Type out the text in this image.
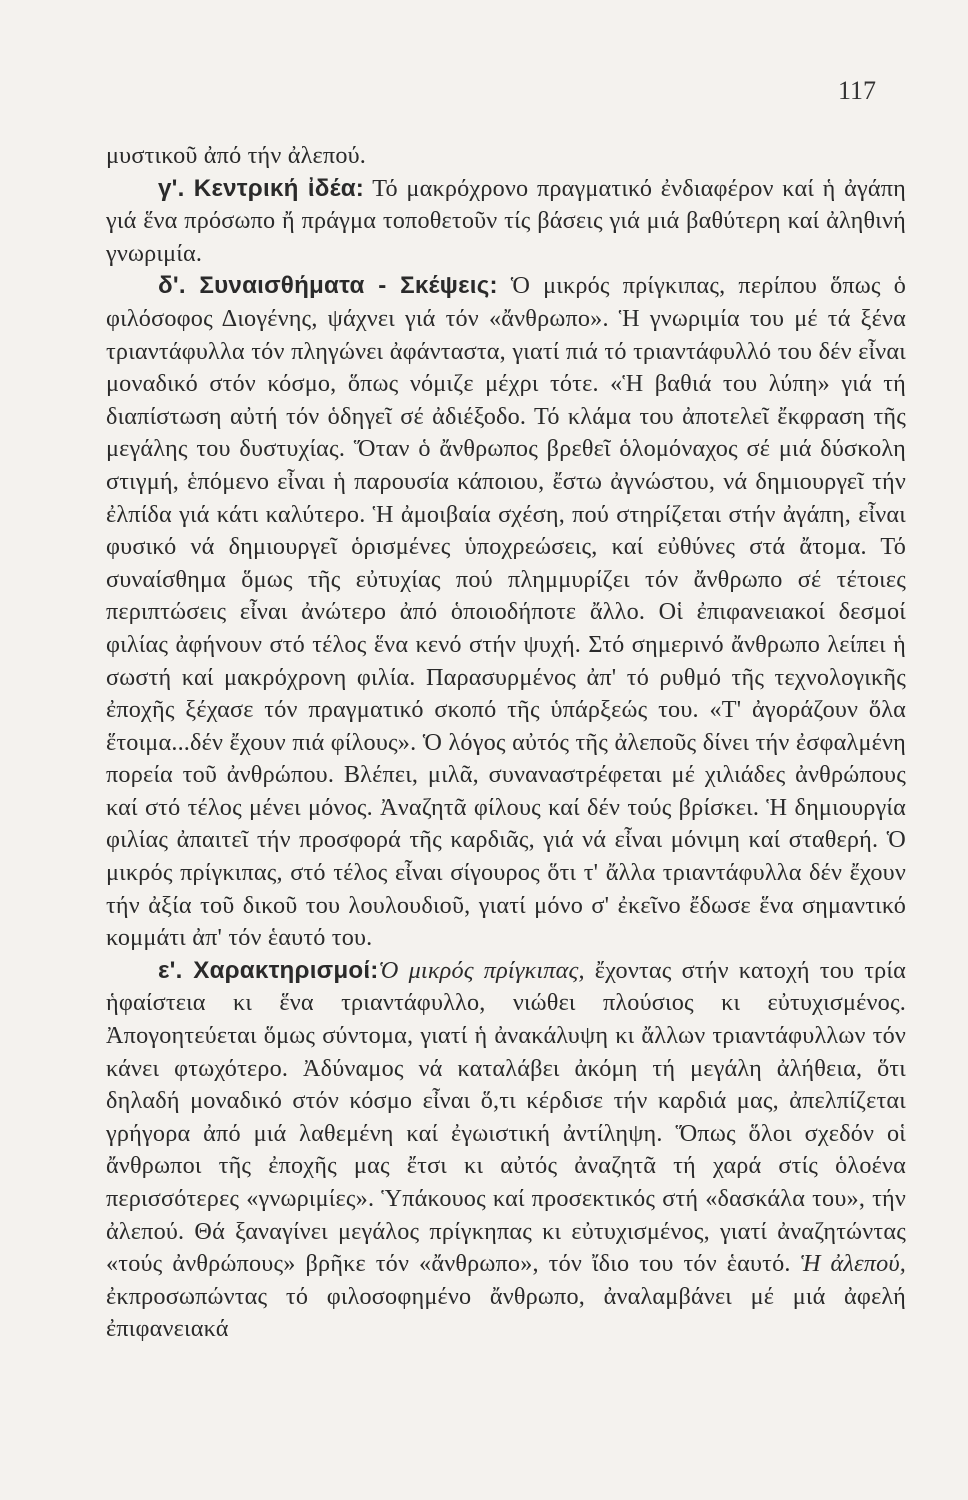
117

μυστικοῦ ἀπό τήν ἀλεπού.

γ'. Κεντρική ἰδέα: Τό μακρόχρονο πραγματικό ἐνδιαφέρον καί ἡ ἀγάπη γιά ἕνα πρόσωπο ἤ πράγμα τοποθετοῦν τίς βάσεις γιά μιά βαθύτερη καί ἀληθινή γνωριμία.

δ'. Συναισθήματα - Σκέψεις: Ὁ μικρός πρίγκιπας, περίπου ὅπως ὁ φιλόσοφος Διογένης, ψάχνει γιά τόν «ἄνθρωπο». Ἡ γνωριμία του μέ τά ξένα τριαντάφυλλα τόν πληγώνει ἀφάνταστα, γιατί πιά τό τριαντάφυλλό του δέν εἶναι μοναδικό στόν κόσμο, ὅπως νόμιζε μέχρι τότε. «Ἡ βαθιά του λύπη» γιά τή διαπίστωση αὐτή τόν ὁδηγεῖ σέ ἀδιέξοδο. Τό κλάμα του ἀποτελεῖ ἔκφραση τῆς μεγάλης του δυστυχίας. Ὅταν ὁ ἄνθρωπος βρεθεῖ ὁλομόναχος σέ μιά δύσκολη στιγμή, ἑπόμενο εἶναι ἡ παρουσία κάποιου, ἔστω ἀγνώστου, νά δημιουργεῖ τήν ἐλπίδα γιά κάτι καλύτερο. Ἡ ἀμοιβαία σχέση, πού στηρίζεται στήν ἀγάπη, εἶναι φυσικό νά δημιουργεῖ ὁρισμένες ὑποχρεώσεις, καί εὐθύνες στά ἄτομα. Τό συναίσθημα ὅμως τῆς εὐτυχίας πού πλημμυρίζει τόν ἄνθρωπο σέ τέτοιες περιπτώσεις εἶναι ἀνώτερο ἀπό ὁποιοδήποτε ἄλλο. Οἱ ἐπιφανειακοί δεσμοί φιλίας ἀφήνουν στό τέλος ἕνα κενό στήν ψυχή. Στό σημερινό ἄνθρωπο λείπει ἡ σωστή καί μακρόχρονη φιλία. Παρασυρμένος ἀπ' τό ρυθμό τῆς τεχνολογικῆς ἐποχῆς ξέχασε τόν πραγματικό σκοπό τῆς ὑπάρξεώς του. «Τ' ἀγοράζουν ὅλα ἕτοιμα...δέν ἔχουν πιά φίλους». Ὁ λόγος αὐτός τῆς ἀλεποῦς δίνει τήν ἐσφαλμένη πορεία τοῦ ἀνθρώπου. Βλέπει, μιλᾶ, συναναστρέφεται μέ χιλιάδες ἀνθρώπους καί στό τέλος μένει μόνος. Ἀναζητᾶ φίλους καί δέν τούς βρίσκει. Ἡ δημιουργία φιλίας ἀπαιτεῖ τήν προσφορά τῆς καρδιᾶς, γιά νά εἶναι μόνιμη καί σταθερή. Ὁ μικρός πρίγκιπας, στό τέλος εἶναι σίγουρος ὅτι τ' ἄλλα τριαντάφυλλα δέν ἔχουν τήν ἀξία τοῦ δικοῦ του λουλουδιοῦ, γιατί μόνο σ' ἐκεῖνο ἔδωσε ἕνα σημαντικό κομμάτι ἀπ' τόν ἑαυτό του.

ε'. Χαρακτηρισμοί:Ὁ μικρός πρίγκιπας, ἔχοντας στήν κατοχή του τρία ἡφαίστεια κι ἕνα τριαντάφυλλο, νιώθει πλούσιος κι εὐτυχισμένος. Ἀπογοητεύεται ὅμως σύντομα, γιατί ἡ ἀνακάλυψη κι ἄλλων τριαντάφυλλων τόν κάνει φτωχότερο. Ἀδύναμος νά καταλάβει ἀκόμη τή μεγάλη ἀλήθεια, ὅτι δηλαδή μοναδικό στόν κόσμο εἶναι ὅ,τι κέρδισε τήν καρδιά μας, ἀπελπίζεται γρήγορα ἀπό μιά λαθεμένη καί ἐγωιστική ἀντίληψη. Ὅπως ὅλοι σχεδόν οἱ ἄνθρωποι τῆς ἐποχῆς μας ἔτσι κι αὐτός ἀναζητᾶ τή χαρά στίς ὁλοένα περισσότερες «γνωριμίες». Ὑπάκουος καί προσεκτικός στή «δασκάλα του», τήν ἀλεπού. Θά ξαναγίνει μεγάλος πρίγκηπας κι εὐτυχισμένος, γιατί ἀναζητώντας «τούς ἀνθρώπους» βρῆκε τόν «ἄνθρωπο», τόν ἴδιο του τόν ἑαυτό. Ἡ ἀλεπού, ἐκπροσωπώντας τό φιλοσοφημένο ἄνθρωπο, ἀναλαμβάνει μέ μιά ἀφελή ἐπιφανειακά
